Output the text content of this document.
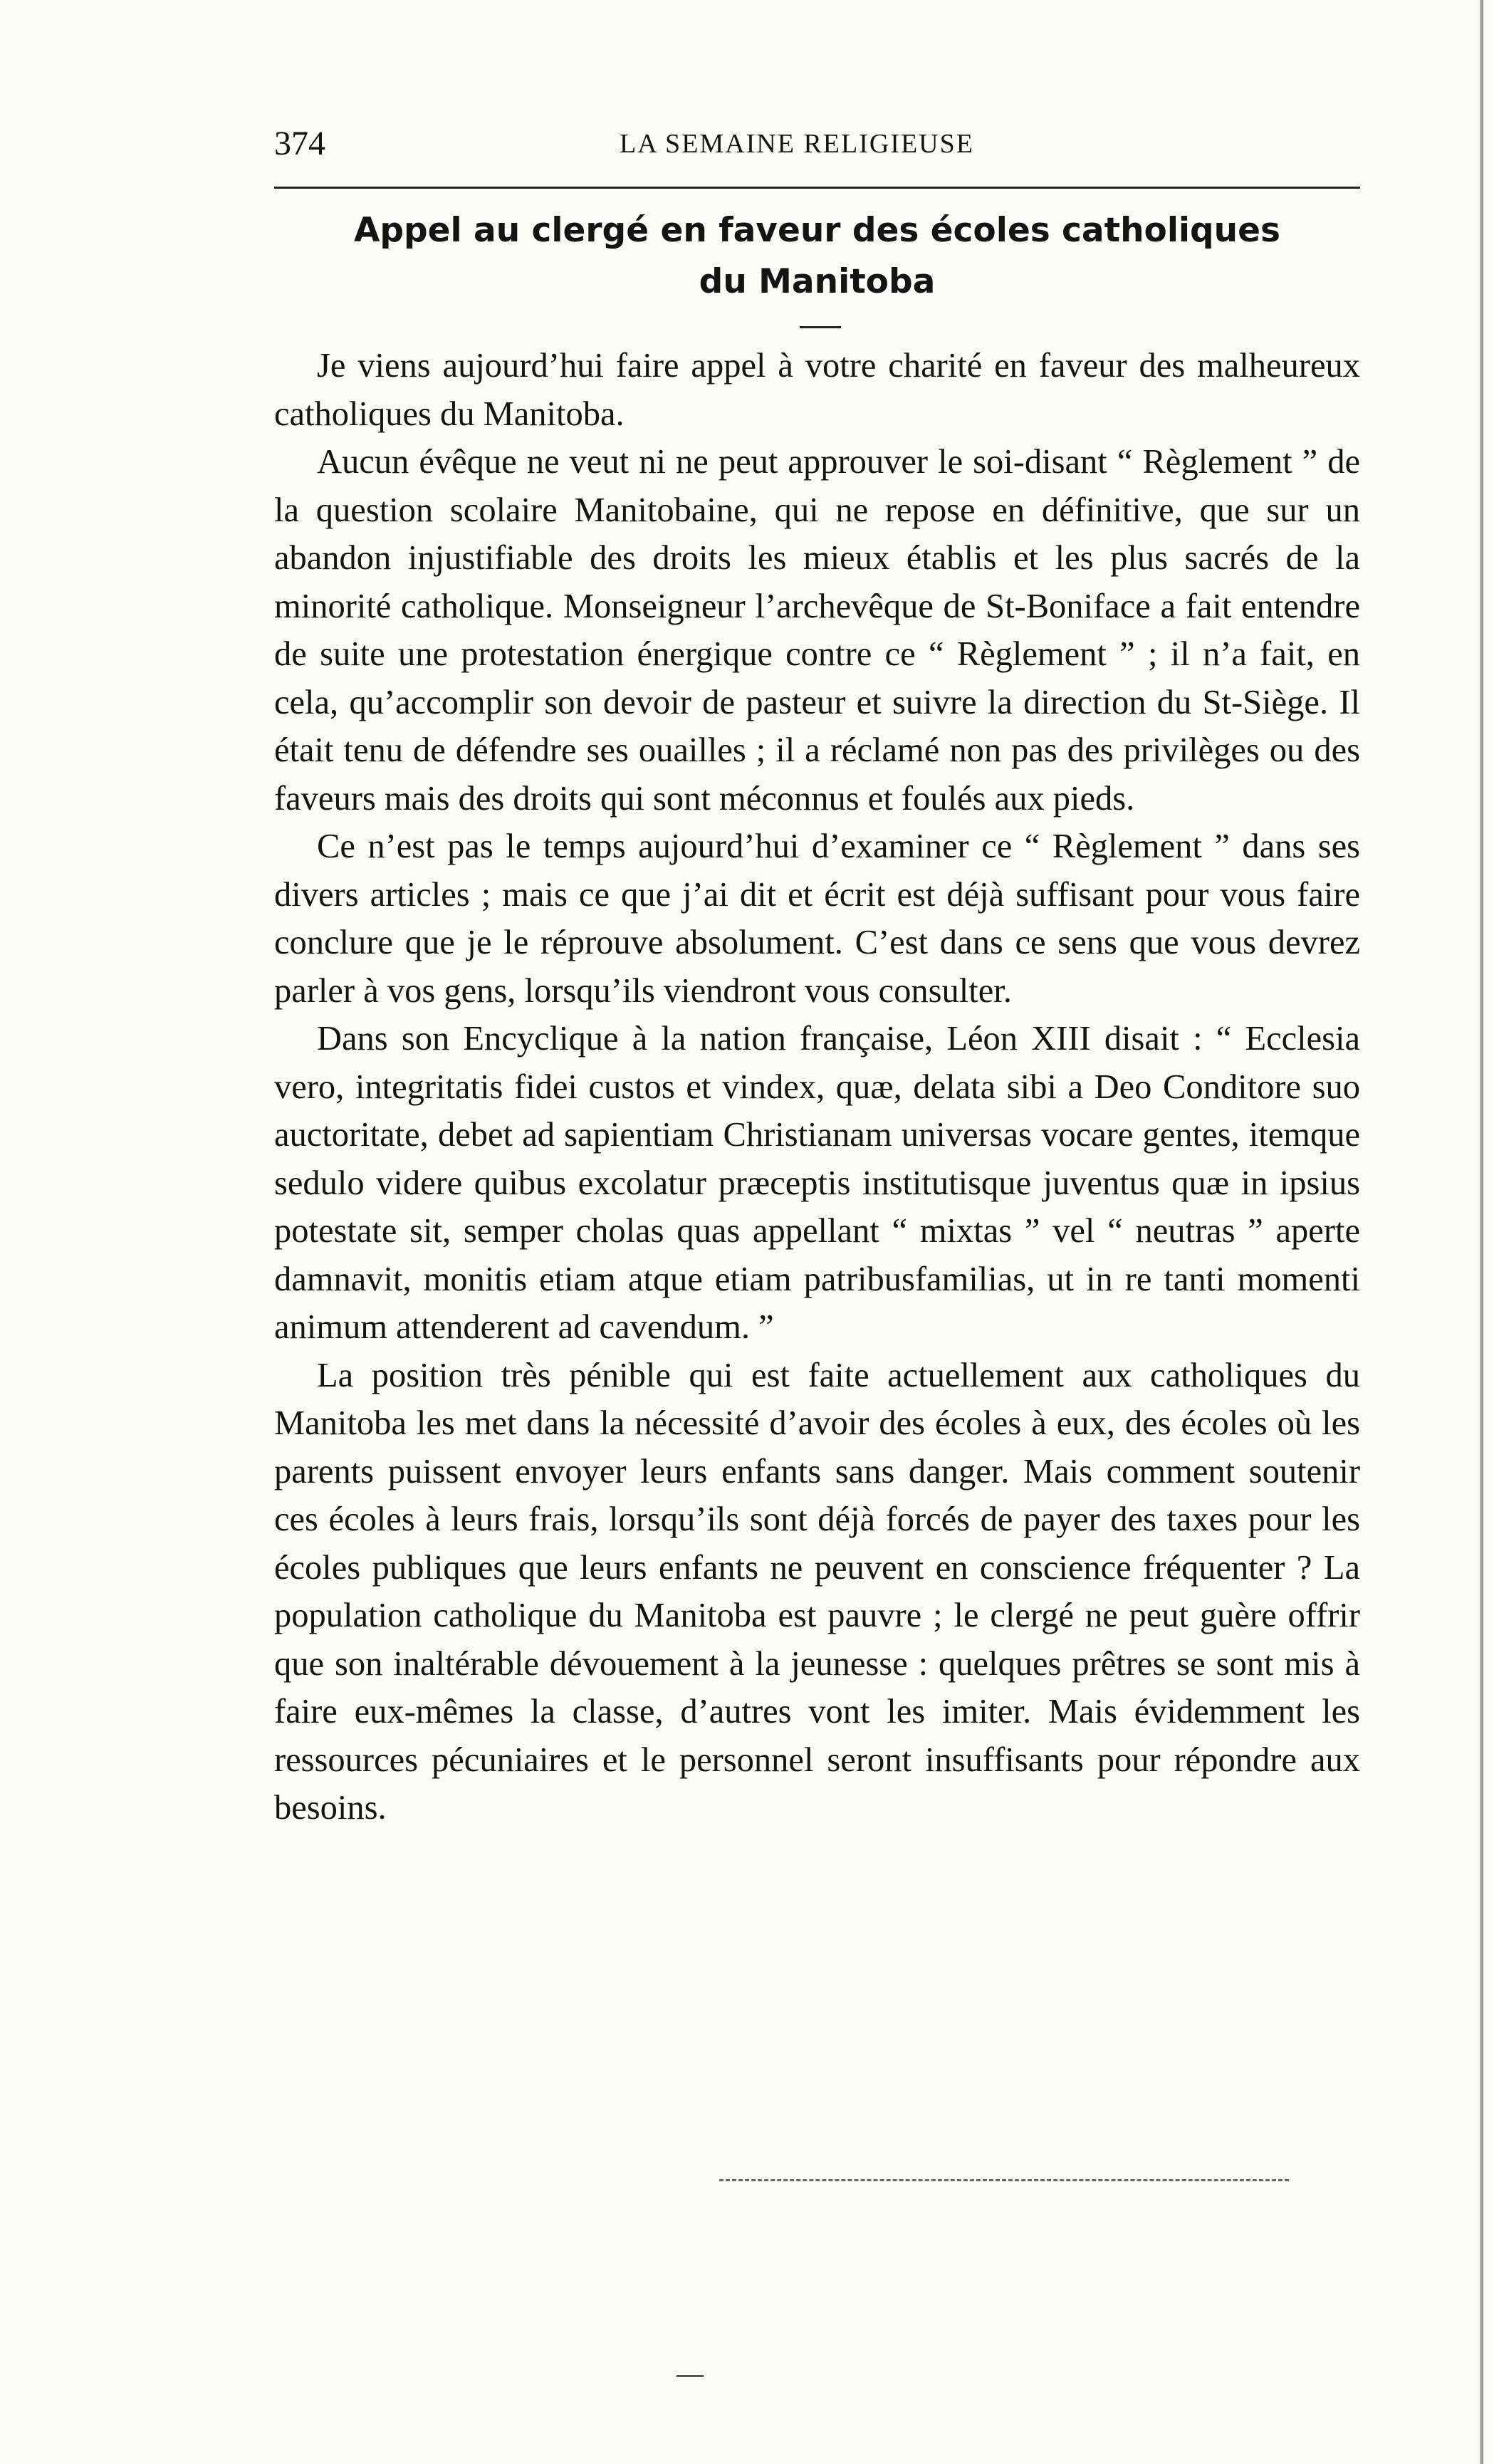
374	LA SEMAINE RELIGIEUSE
Appel au clergé en faveur des écoles catholiques
du Manitoba

Je viens aujourd’hui faire appel à votre charité en faveur des malheureux catholiques du Manitoba.

Aucun évêque ne veut ni ne peut approuver le soi-disant “ Règlement ” de la question scolaire Manitobaine, qui ne repose en définitive, que sur un abandon injustifiable des droits les mieux établis et les plus sacrés de la minorité catholique. Monseigneur l’archevêque de St-Boniface a fait entendre de suite une protestation énergique contre ce “ Règlement ” ; il n’a fait, en cela, qu’accomplir son devoir de pasteur et suivre la direction du St-Siège. Il était tenu de défendre ses ouailles ; il a réclamé non pas des privilèges ou des faveurs mais des droits qui sont méconnus et foulés aux pieds.

Ce n’est pas le temps aujourd’hui d’examiner ce “ Règlement ” dans ses divers articles ; mais ce que j’ai dit et écrit est déjà suffisant pour vous faire conclure que je le réprouve absolument. C’est dans ce sens que vous devrez parler à vos gens, lorsqu’ils viendront vous consulter.

Dans son Encyclique à la nation française, Léon XIII disait : “ Ecclesia vero, integritatis fidei custos et vindex, quæ, delata sibi a Deo Conditore suo auctoritate, debet ad sapientiam Christianam universas vocare gentes, itemque sedulo videre quibus excolatur præceptis institutisque juventus quæ in ipsius potestate sit, semper cholas quas appellant “ mixtas ” vel “ neutras ” aperte damnavit, monitis etiam atque etiam patribusfamilias, ut in re tanti momenti animum attenderent ad cavendum. ”

La position très pénible qui est faite actuellement aux catholiques du Manitoba les met dans la nécessité d’avoir des écoles à eux, des écoles où les parents puissent envoyer leurs enfants sans danger. Mais comment soutenir ces écoles à leurs frais, lorsqu’ils sont déjà forcés de payer des taxes pour les écoles publiques que leurs enfants ne peuvent en conscience fréquenter ? La population catholique du Manitoba est pauvre ; le clergé ne peut guère offrir que son inaltérable dévouement à la jeunesse : quelques prêtres se sont mis à faire eux-mêmes la classe, d’autres vont les imiter. Mais évidemment les ressources pécuniaires et le personnel seront insuffisants pour répondre aux besoins.
